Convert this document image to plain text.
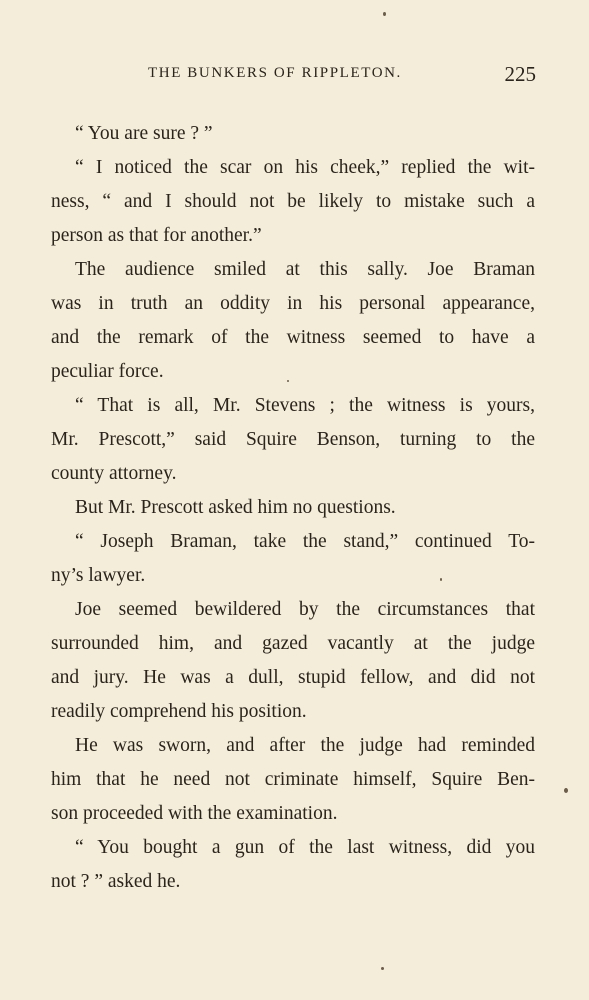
THE BUNKERS OF RIPPLETON.	225
“ You are sure ? ”
“ I noticed the scar on his cheek,” replied the wit-
ness, “ and I should not be likely to mistake such a
person as that for another.”
The audience smiled at this sally. Joe Braman
was in truth an oddity in his personal appearance,
and the remark of the witness seemed to have a
peculiar force.
“ That is all, Mr. Stevens ; the witness is yours,
Mr. Prescott,” said Squire Benson, turning to the
county attorney.
But Mr. Prescott asked him no questions.
“ Joseph Braman, take the stand,” continued To-
ny’s lawyer.
Joe seemed bewildered by the circumstances that
surrounded him, and gazed vacantly at the judge
and jury. He was a dull, stupid fellow, and did not
readily comprehend his position.
He was sworn, and after the judge had reminded
him that he need not criminate himself, Squire Ben-
son proceeded with the examination.
“ You bought a gun of the last witness, did you
not ? ” asked he.
